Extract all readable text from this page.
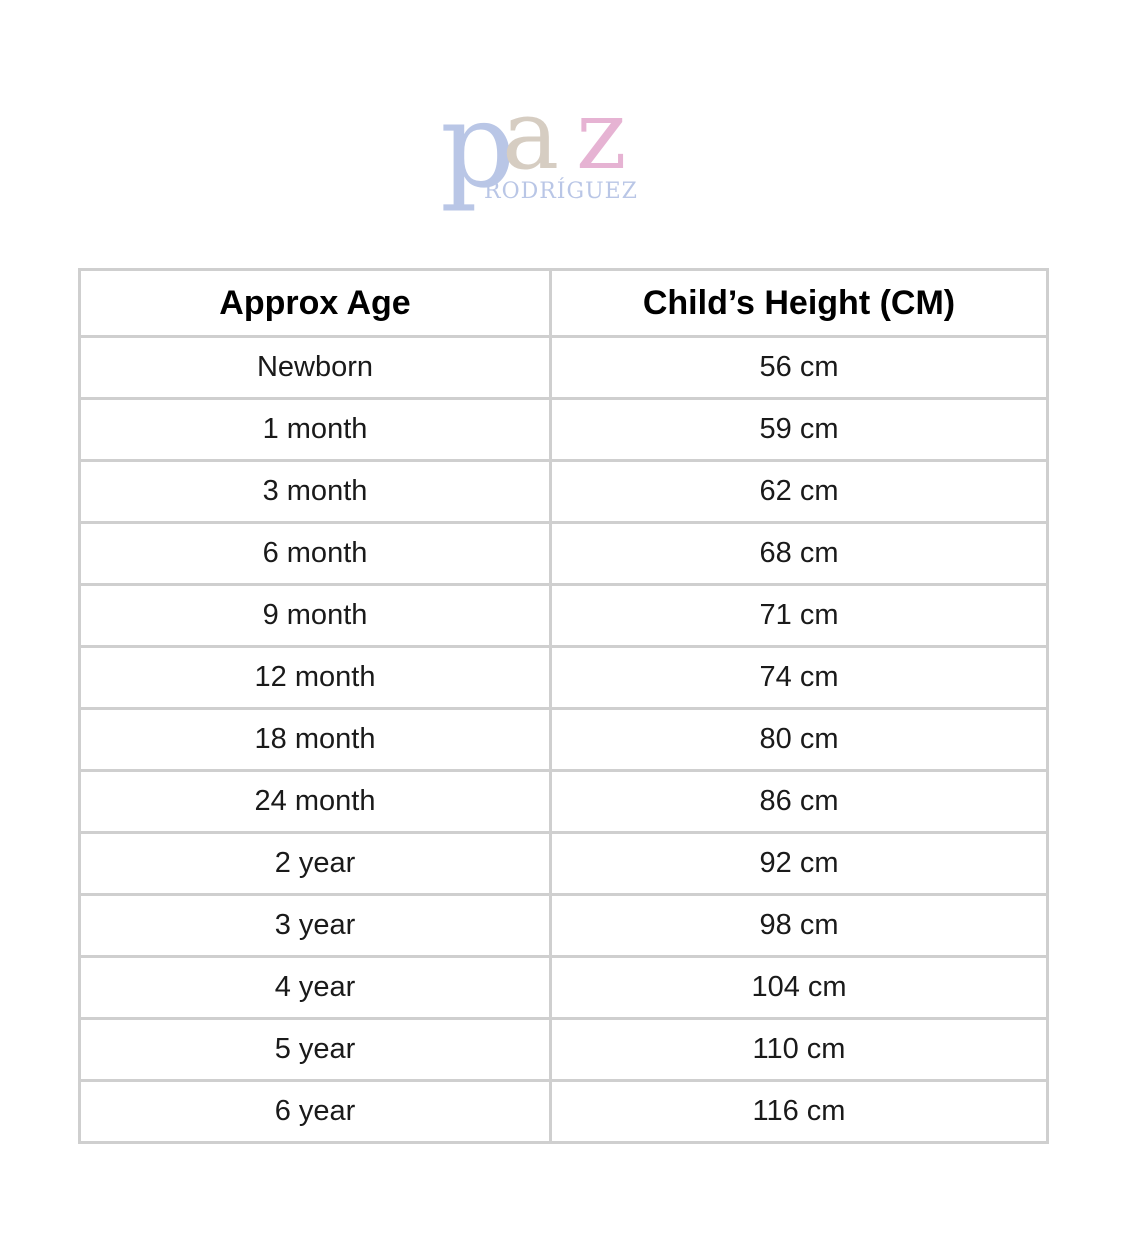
p
a z
RODRÍGUEZ
Approx Age	Child’s Height (CM)
Newborn	56 cm
1 month	59 cm
3 month	62 cm
6 month	68 cm
9 month	71 cm
12 month	74 cm
18 month	80 cm
24 month	86 cm
2 year	92 cm
3 year	98 cm
4 year	104 cm
5 year	110 cm
6 year	116 cm
